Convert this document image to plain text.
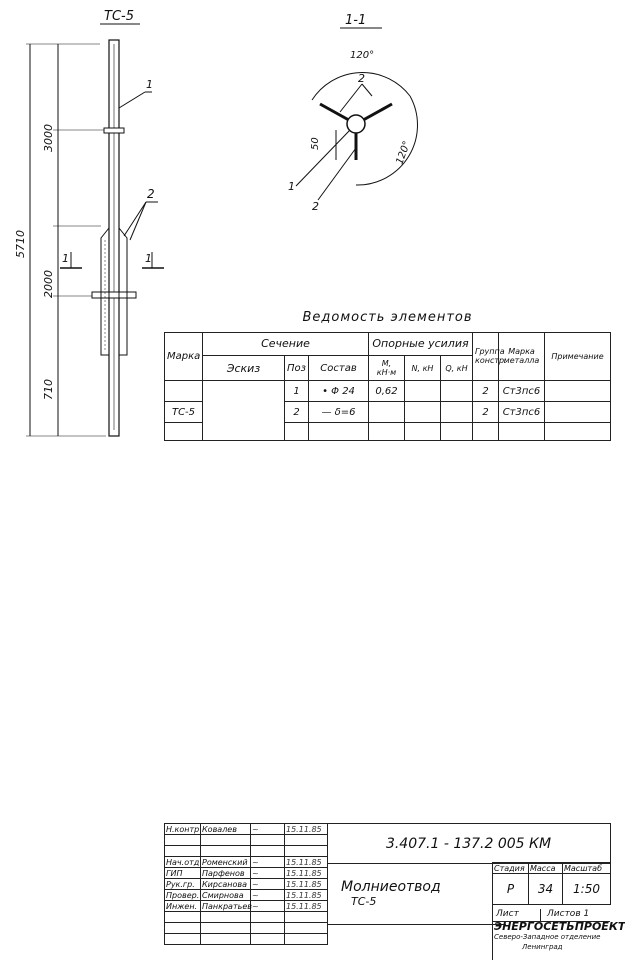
ТС-5
1
2
1	1
5710
3000
2000
710
1-1
120°
120°
50
2
1
2
Ведомость элементов									
Марка	Сечение			Опорные усилия			Группа констр.	Марка металла	Примечание
	Эскиз	Поз	Состав	М, кН·м	N, кН	Q, кН			
		1	• Φ 24	0,62			2	Ст3пс6	
ТС-5		2	— δ=6				2	Ст3пс6	

Н.контр	Ковалев	~	15.11.85

Нач.отд	Роменский	~	15.11.85
ГИП	Парфенов	~	15.11.85
Рук.гр.	Кирсанова	~	15.11.85
Провер.	Смирнова	~	15.11.85
Инжен.	Панкратьев	~	15.11.85

3.407.1 - 137.2 005 КМ
Молниеотвод
ТС-5
Стадия	Масса	Масштаб
Р	34	1:50
Лист	Листов 1
ЭНЕРГОСЕТЬПРОЕКТ
Северо-Западное отделение
Ленинград
